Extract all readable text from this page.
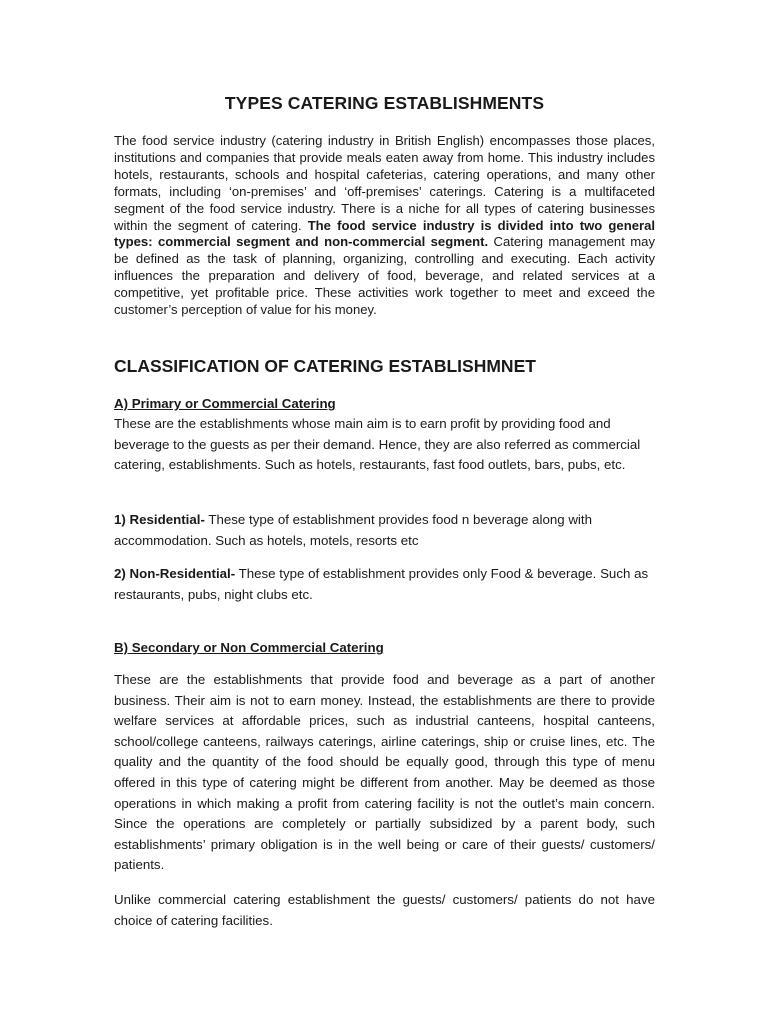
TYPES CATERING ESTABLISHMENTS

The food service industry (catering industry in British English) encompasses those places, institutions and companies that provide meals eaten away from home. This industry includes hotels, restaurants, schools and hospital cafeterias, catering operations, and many other formats, including ‘on-premises’ and ‘off-premises’ caterings. Catering is a multifaceted segment of the food service industry. There is a niche for all types of catering businesses within the segment of catering. The food service industry is divided into two general types: commercial segment and non-commercial segment. Catering management may be defined as the task of planning, organizing, controlling and executing. Each activity influences the preparation and delivery of food, beverage, and related services at a competitive, yet profitable price. These activities work together to meet and exceed the customer’s perception of value for his money.

CLASSIFICATION OF CATERING ESTABLISHMNET
A) Primary or Commercial Catering

These are the establishments whose main aim is to earn profit by providing food and beverage to the guests as per their demand. Hence, they are also referred as commercial catering, establishments. Such as hotels, restaurants, fast food outlets, bars, pubs, etc.

1) Residential- These type of establishment provides food n beverage along with accommodation. Such as hotels, motels, resorts etc

2) Non-Residential- These type of establishment provides only Food & beverage. Such as restaurants, pubs, night clubs etc.

B) Secondary or Non Commercial Catering

These are the establishments that provide food and beverage as a part of another business. Their aim is not to earn money. Instead, the establishments are there to provide welfare services at affordable prices, such as industrial canteens, hospital canteens, school/college canteens, railways caterings, airline caterings, ship or cruise lines, etc. The quality and the quantity of the food should be equally good, through this type of menu offered in this type of catering might be different from another. May be deemed as those operations in which making a profit from catering facility is not the outlet’s main concern. Since the operations are completely or partially subsidized by a parent body, such establishments’ primary obligation is in the well being or care of their guests/ customers/ patients.

Unlike commercial catering establishment the guests/ customers/ patients do not have choice of catering facilities.
